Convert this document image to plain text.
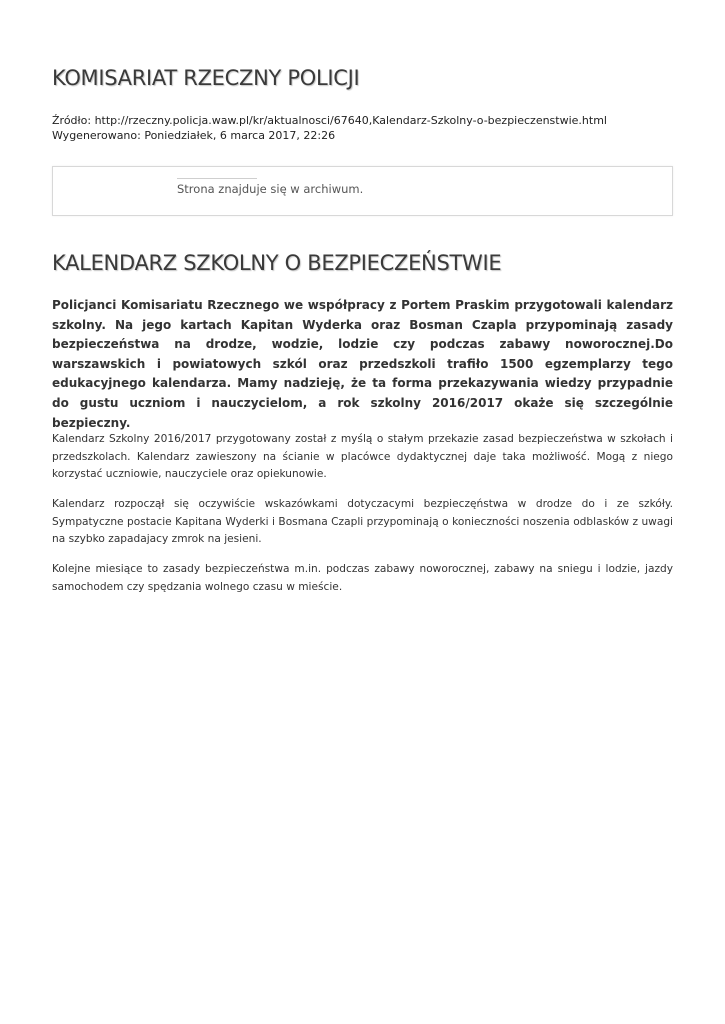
KOMISARIAT RZECZNY POLICJI
Źródło: http://rzeczny.policja.waw.pl/kr/aktualnosci/67640,Kalendarz-Szkolny-o-bezpieczenstwie.html
Wygenerowano: Poniedziałek, 6 marca 2017, 22:26
Strona znajduje się w archiwum.
KALENDARZ SZKOLNY O BEZPIECZEŃSTWIE

Policjanci Komisariatu Rzecznego we współpracy z Portem Praskim przygotowali kalendarz szkolny. Na jego kartach Kapitan Wyderka oraz Bosman Czapla przypominają zasady bezpieczeństwa na drodze, wodzie, lodzie czy podczas zabawy noworocznej.Do warszawskich i powiatowych szkól oraz przedszkoli trafiło 1500 egzemplarzy tego edukacyjnego kalendarza. Mamy nadzieję, że ta forma przekazywania wiedzy przypadnie do gustu uczniom i nauczycielom, a rok szkolny 2016/2017 okaże się szczególnie bezpieczny.

Kalendarz Szkolny 2016/2017 przygotowany został z myślą o stałym przekazie zasad bezpieczeństwa w szkołach i przedszkolach. Kalendarz zawieszony na ścianie w placówce dydaktycznej daje taka możliwość. Mogą z niego korzystać uczniowie, nauczyciele oraz opiekunowie.

Kalendarz rozpoczął się oczywiście wskazówkami dotyczacymi bezpieczęństwa w drodze do i ze szkóły. Sympatyczne postacie Kapitana Wyderki i Bosmana Czapli przypominają o konieczności noszenia odblasków z uwagi na szybko zapadajacy zmrok na jesieni.

Kolejne miesiące to zasady bezpieczeństwa m.in. podczas zabawy noworocznej, zabawy na sniegu i lodzie, jazdy samochodem czy spędzania wolnego czasu w mieście.
